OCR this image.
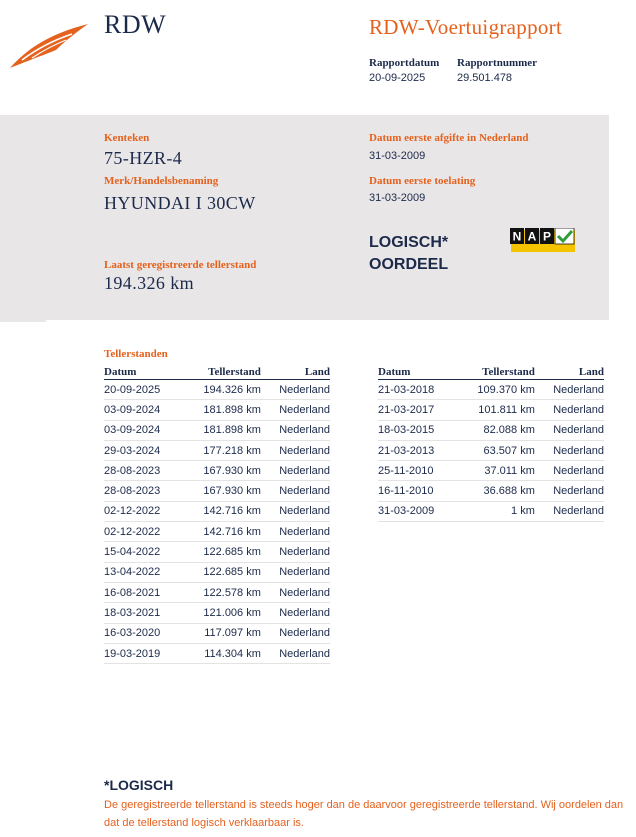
RDW	RDW-Voertuigrapport
Rapportdatum
20-09-2025
Rapportnummer
29.501.478
Kenteken
75-HZR-4
Merk/Handelsbenaming
HYUNDAI I 30CW
Laatst geregistreerde tellerstand
194.326 km
Datum eerste afgifte in Nederland
31-03-2009
Datum eerste toelating
31-03-2009
LOGISCH*
OORDEEL
N A P
Tellerstanden
Datum	Tellerstand	Land
20-09-2025	194.326 km	Nederland
03-09-2024	181.898 km	Nederland
03-09-2024	181.898 km	Nederland
29-03-2024	177.218 km	Nederland
28-08-2023	167.930 km	Nederland
28-08-2023	167.930 km	Nederland
02-12-2022	142.716 km	Nederland
02-12-2022	142.716 km	Nederland
15-04-2022	122.685 km	Nederland
13-04-2022	122.685 km	Nederland
16-08-2021	122.578 km	Nederland
18-03-2021	121.006 km	Nederland
16-03-2020	117.097 km	Nederland
19-03-2019	114.304 km	Nederland
Datum	Tellerstand	Land
21-03-2018	109.370 km	Nederland
21-03-2017	101.811 km	Nederland
18-03-2015	82.088 km	Nederland
21-03-2013	63.507 km	Nederland
25-11-2010	37.011 km	Nederland
16-11-2010	36.688 km	Nederland
31-03-2009	1 km	Nederland
*LOGISCH
De geregistreerde tellerstand is steeds hoger dan de daarvoor geregistreerde tellerstand. Wij oordelen dan dat de tellerstand logisch verklaarbaar is.
